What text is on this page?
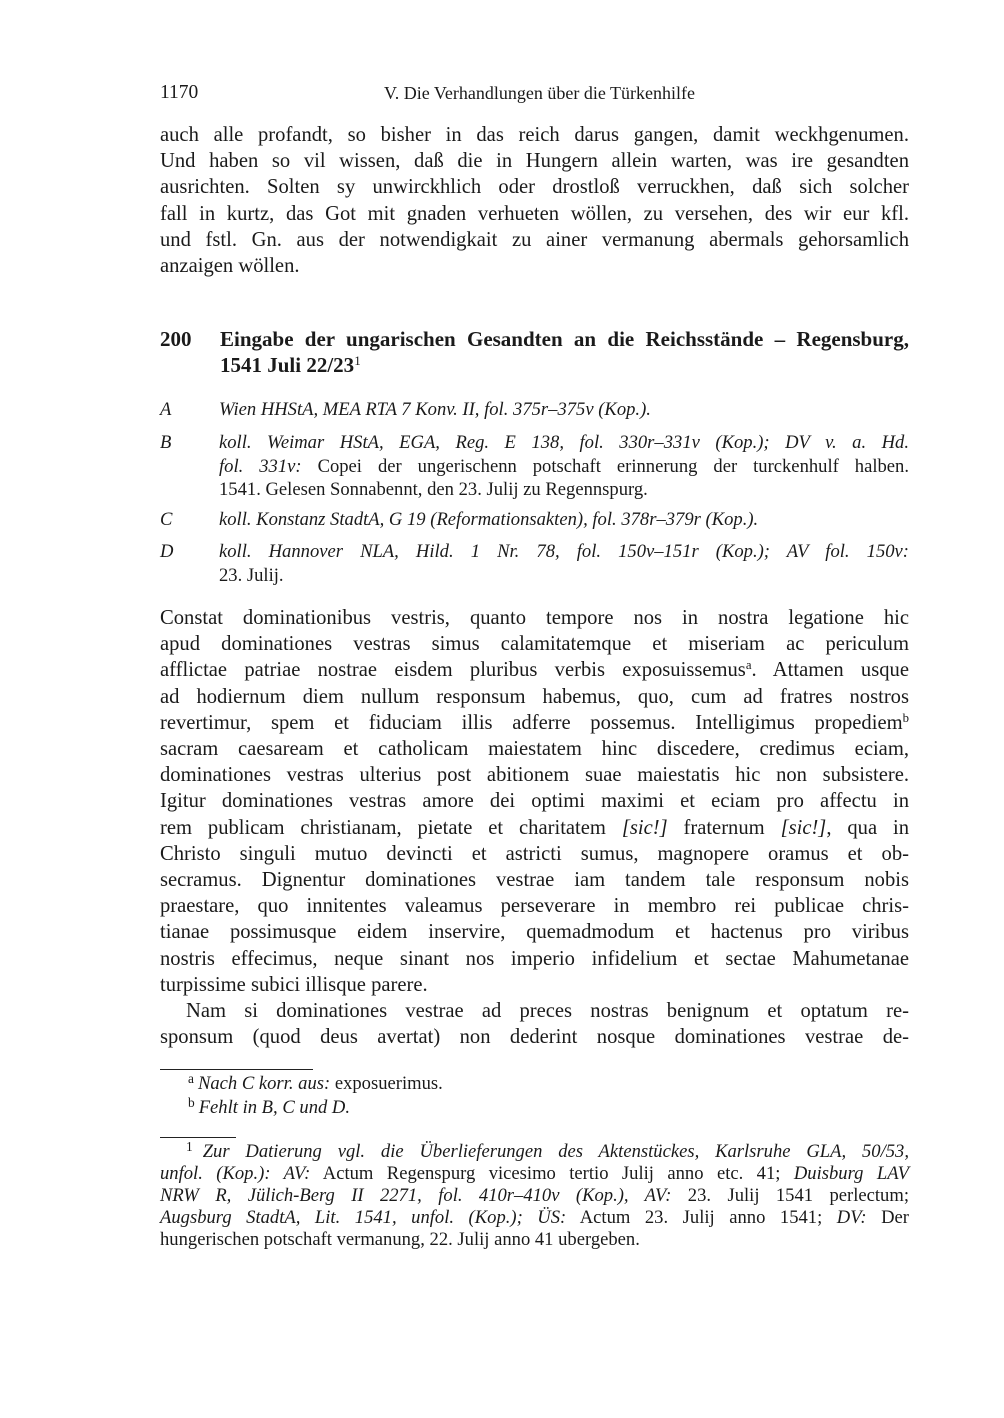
1170	V. Die Verhandlungen über die Türkenhilfe
auch alle profandt, so bisher in das reich darus gangen, damit weckhgenumen.
Und haben so vil wissen, daß die in Hungern allein warten, was ire gesandten
ausrichten. Solten sy unwirckhlich oder drostloß verruckhen, daß sich solcher
fall in kurtz, das Got mit gnaden verhueten wöllen, zu versehen, des wir eur kfl.
und fstl. Gn. aus der notwendigkait zu ainer vermanung abermals gehorsamlich
anzaigen wöllen.
200 Eingabe der ungarischen Gesandten an die Reichsstände – Regensburg,
1541 Juli $22/23^1$
A	Wien HHStA, MEA RTA 7 Konv. II, fol. 375r–375v (Kop.).
B	koll. Weimar HStA, EGA, Reg. E 138, fol. 330r–331v (Kop.); DV v. a. Hd.
fol. 331v: Copei der ungerischenn potschaft erinnerung der turckenhulf halben.
1541. Gelesen Sonnabennt, den 23. Julij zu Regennspurg.
C	koll. Konstanz StadtA, G 19 (Reformationsakten), fol. 378r–379r (Kop.).
D koll. Hannover NLA, Hild. 1 Nr. 78, fol. 150v–151r (Kop.); AV fol. 150v:
23. Julij.
Constat dominationibus vestris, quanto tempore nos in nostra legatione hic
apud dominationes vestras simus calamitatemque et miseriam ac periculum
afflictae patriae nostrae eisdem pluribus verbis exposuissemus$^a$. Attamen usque
ad hodiernum diem nullum responsum habemus, quo, cum ad fratres nostros
revertimur, spem et fiduciam illis adferre possemus. Intelligimus propediem$^b$
sacram caesaream et catholicam maiestatem hinc discedere, credimus eciam,
dominationes vestras ulterius post abitionem suae maiestatis hic non subsistere.
Igitur dominationes vestras amore dei optimi maximi et eciam pro affectu in
rem publicam christianam, pietate et charitatem [sic!] fraternum [sic!], qua in
Christo singuli mutuo devincti et astricti sumus, magnopere oramus et ob-
secramus. Dignentur dominationes vestrae iam tandem tale responsum nobis
praestare, quo innitentes valeamus perseverare in membro rei publicae chris-
tianae possimusque eidem inservire, quemadmodum et hactenus pro viribus
nostris effecimus, neque sinant nos imperio infidelium et sectae Mahumetanae
turpissime subici illisque parere.
Nam si dominationes vestrae ad preces nostras benignum et optatum re-
sponsum (quod deus avertat) non dederint nosque dominationes vestrae de-
$^a$ Nach C korr. aus: exposuerimus.
$^b$ Fehlt in B, C und D.
$^1$ Zur Datierung vgl. die Überlieferungen des Aktenstückes, Karlsruhe GLA, 50/53,
unfol. (Kop.): AV: Actum Regenspurg vicesimo tertio Julij anno etc. 41; Duisburg LAV
NRW R, Jülich-Berg II 2271, fol. 410r–410v (Kop.), AV: 23. Julij 1541 perlectum;
Augsburg StadtA, Lit. 1541, unfol. (Kop.); ÜS: Actum 23. Julij anno 1541; DV: Der
hungerischen potschaft vermanung, 22. Julij anno 41 ubergeben.
